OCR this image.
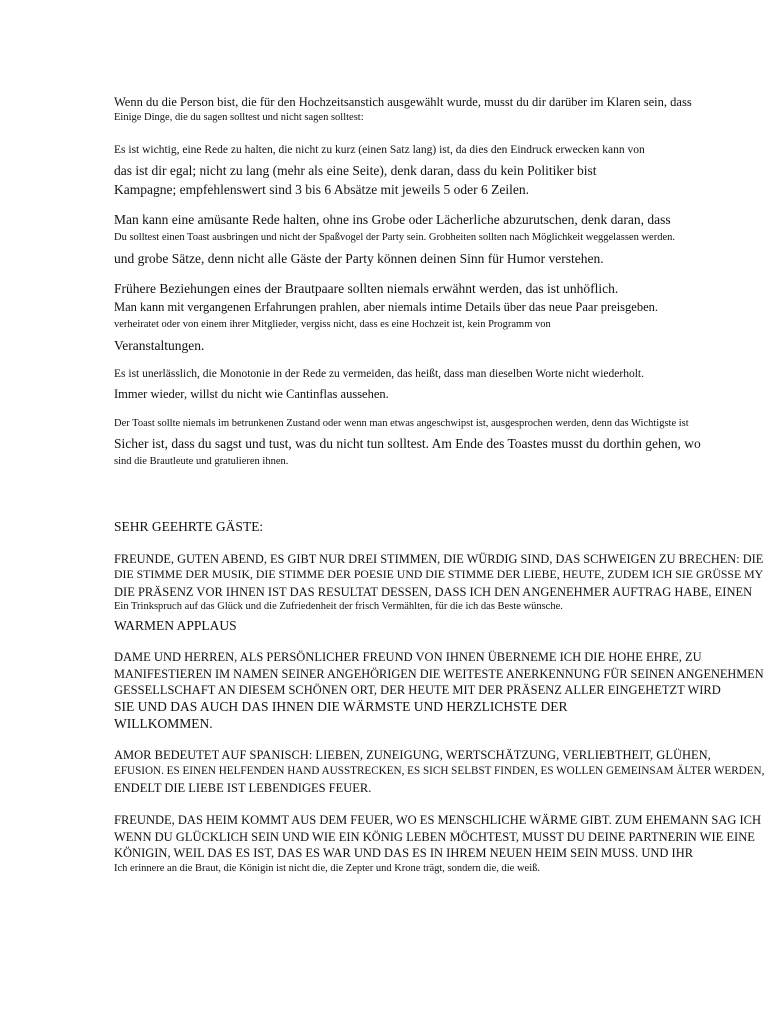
Wenn du die Person bist, die für den Hochzeitsanstich ausgewählt wurde, musst du dir darüber im Klaren sein, dass
Einige Dinge, die du sagen solltest und nicht sagen solltest:
Es ist wichtig, eine Rede zu halten, die nicht zu kurz (einen Satz lang) ist, da dies den Eindruck erwecken kann von
das ist dir egal; nicht zu lang (mehr als eine Seite), denk daran, dass du kein Politiker bist
Kampagne; empfehlenswert sind 3 bis 6 Absätze mit jeweils 5 oder 6 Zeilen.
Man kann eine amüsante Rede halten, ohne ins Grobe oder Lächerliche abzurutschen, denk daran, dass
Du solltest einen Toast ausbringen und nicht der Spaßvogel der Party sein. Grobheiten sollten nach Möglichkeit weggelassen werden.
und grobe Sätze, denn nicht alle Gäste der Party können deinen Sinn für Humor verstehen.
Frühere Beziehungen eines der Brautpaare sollten niemals erwähnt werden, das ist unhöflich.
Man kann mit vergangenen Erfahrungen prahlen, aber niemals intime Details über das neue Paar preisgeben.
verheiratet oder von einem ihrer Mitglieder, vergiss nicht, dass es eine Hochzeit ist, kein Programm von
Veranstaltungen.
Es ist unerlässlich, die Monotonie in der Rede zu vermeiden, das heißt, dass man dieselben Worte nicht wiederholt.
Immer wieder, willst du nicht wie Cantinflas aussehen.
Der Toast sollte niemals im betrunkenen Zustand oder wenn man etwas angeschwipst ist, ausgesprochen werden, denn das Wichtigste ist
Sicher ist, dass du sagst und tust, was du nicht tun solltest. Am Ende des Toastes musst du dorthin gehen, wo
sind die Brautleute und gratulieren ihnen.
SEHR GEEHRTE GÄSTE:
FREUNDE, GUTEN ABEND, ES GIBT NUR DREI STIMMEN, DIE WÜRDIG SIND, DAS SCHWEIGEN ZU BRECHEN: DIE
DIE STIMME DER MUSIK, DIE STIMME DER POESIE UND DIE STIMME DER LIEBE, HEUTE, ZUDEM ICH SIE GRÜSSE MY
DIE PRÄSENZ VOR IHNEN IST DAS RESULTAT DESSEN, DASS ICH DEN ANGENEHMER AUFTRAG HABE, EINEN
Ein Trinkspruch auf das Glück und die Zufriedenheit der frisch Vermählten, für die ich das Beste wünsche.
WARMEN APPLAUS
DAME UND HERREN, ALS PERSÖNLICHER FREUND VON IHNEN ÜBERNEME ICH DIE HOHE EHRE, ZU
MANIFESTIEREN IM NAMEN SEINER ANGEHÖRIGEN DIE WEITESTE ANERKENNUNG FÜR SEINEN ANGENEHMEN
GESSELLSCHAFT AN DIESEM SCHÖNEN ORT, DER HEUTE MIT DER PRÄSENZ ALLER EINGEHETZT WIRD
SIE UND DAS AUCH DAS IHNEN DIE WÄRMSTE UND HERZLICHSTE DER
WILLKOMMEN.
AMOR BEDEUTET AUF SPANISCH: LIEBEN, ZUNEIGUNG, WERTSCHÄTZUNG, VERLIEBTHEIT, GLÜHEN,
EFUSION. ES EINEN HELFENDEN HAND AUSSTRECKEN, ES SICH SELBST FINDEN, ES WOLLEN GEMEINSAM ÄLTER WERDEN,
ENDELT DIE LIEBE IST LEBENDIGES FEUER.
FREUNDE, DAS HEIM KOMMT AUS DEM FEUER, WO ES MENSCHLICHE WÄRME GIBT. ZUM EHEMANN SAG ICH
WENN DU GLÜCKLICH SEIN UND WIE EIN KÖNIG LEBEN MÖCHTEST, MUSST DU DEINE PARTNERIN WIE EINE
KÖNIGIN, WEIL DAS ES IST, DAS ES WAR UND DAS ES IN IHREM NEUEN HEIM SEIN MUSS. UND IHR
Ich erinnere an die Braut, die Königin ist nicht die, die Zepter und Krone trägt, sondern die, die weiß.
